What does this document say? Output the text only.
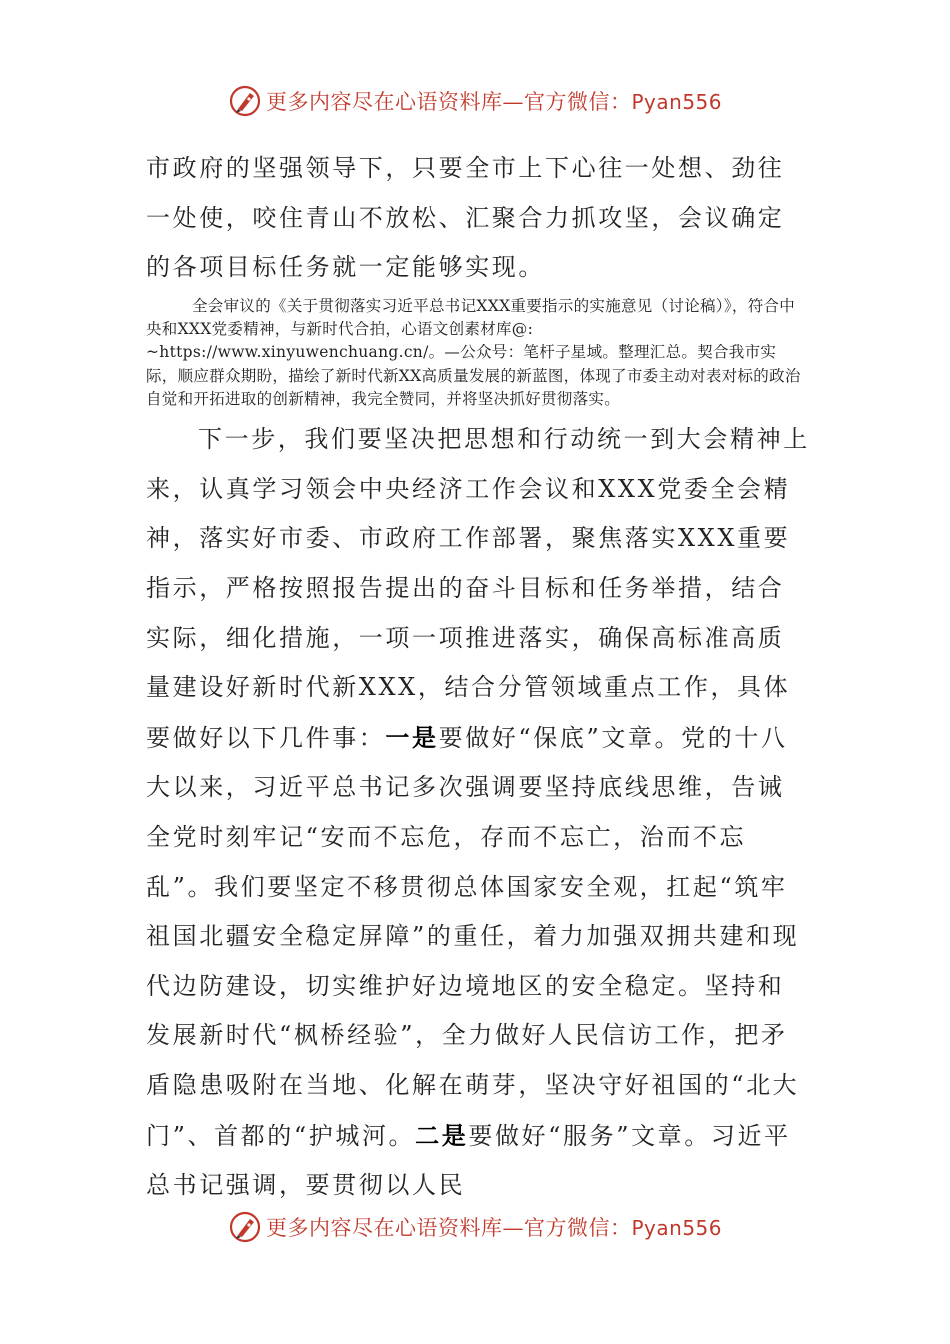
更多内容尽在心语资料库—官方微信：Pyan556

市政府的坚强领导下，只要全市上下心往一处想、劲往一处使，咬住青山不放松、汇聚合力抓攻坚，会议确定的各项目标任务就一定能够实现。

全会审议的《关于贯彻落实习近平总书记XXX重要指示的实施意见（讨论稿）》，符合中央和XXX党委精神，与新时代合拍，心语文创素材库@: ~https://www.xinyuwenchuang.cn/。—公众号：笔杆子星域。整理汇总。契合我市实际，顺应群众期盼，描绘了新时代新XX高质量发展的新蓝图，体现了市委主动对表对标的政治自觉和开拓进取的创新精神，我完全赞同，并将坚决抓好贯彻落实。

下一步，我们要坚决把思想和行动统一到大会精神上来，认真学习领会中央经济工作会议和XXX党委全会精神，落实好市委、市政府工作部署，聚焦落实XXX重要指示，严格按照报告提出的奋斗目标和任务举措，结合实际，细化措施，一项一项推进落实，确保高标准高质量建设好新时代新XXX，结合分管领域重点工作，具体要做好以下几件事：一是要做好“保底”文章。党的十八大以来，习近平总书记多次强调要坚持底线思维，告诫全党时刻牢记“安而不忘危，存而不忘亡，治而不忘乱”。我们要坚定不移贯彻总体国家安全观，扛起“筑牢祖国北疆安全稳定屏障”的重任，着力加强双拥共建和现代边防建设，切实维护好边境地区的安全稳定。坚持和发展新时代“枫桥经验”，全力做好人民信访工作，把矛盾隐患吸附在当地、化解在萌芽，坚决守好祖国的“北大门”、首都的“护城河。二是要做好“服务”文章。习近平总书记强调，要贯彻以人民

更多内容尽在心语资料库—官方微信：Pyan556
